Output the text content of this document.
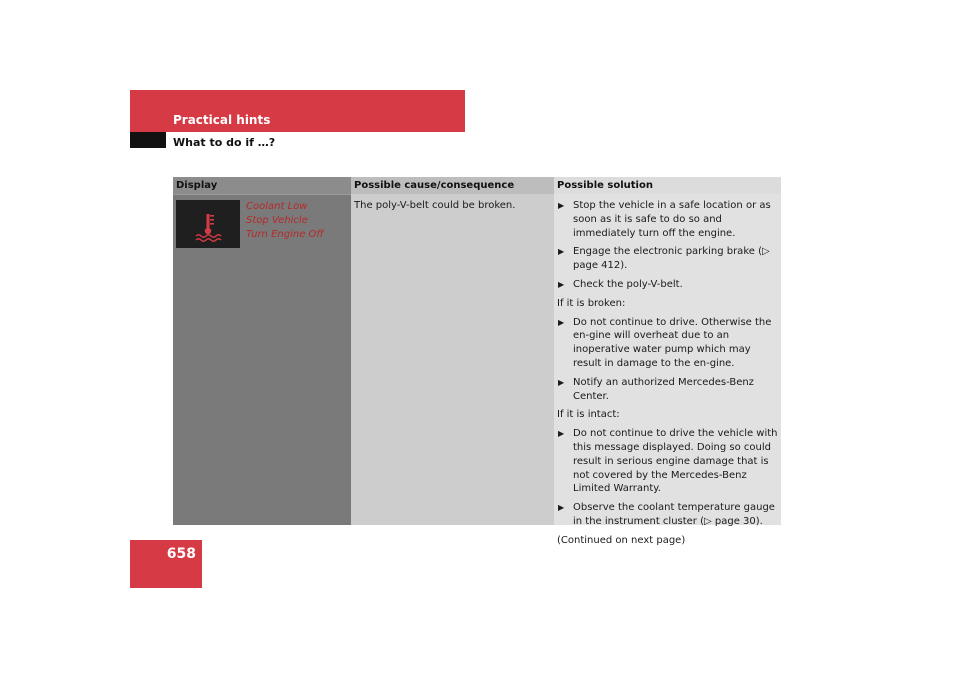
Practical hints
What to do if …?
Display	Possible cause/consequence	Possible solution
Coolant Low
Stop Vehicle
Turn Engine Off
The poly-V-belt could be broken.	▶ Stop the vehicle in a safe location or as soon as it is safe to do so and immediately turn off the engine.
▶ Engage the electronic parking brake (▷ page 412).
▶ Check the poly-V-belt.
If it is broken:
▶ Do not continue to drive. Otherwise the en-gine will overheat due to an inoperative water pump which may result in damage to the en-gine.
▶ Notify an authorized Mercedes-Benz Center.
If it is intact:
▶ Do not continue to drive the vehicle with this message displayed. Doing so could result in serious engine damage that is not covered by the Mercedes-Benz Limited Warranty.
▶ Observe the coolant temperature gauge in the instrument cluster (▷ page 30).
(Continued on next page)
658
